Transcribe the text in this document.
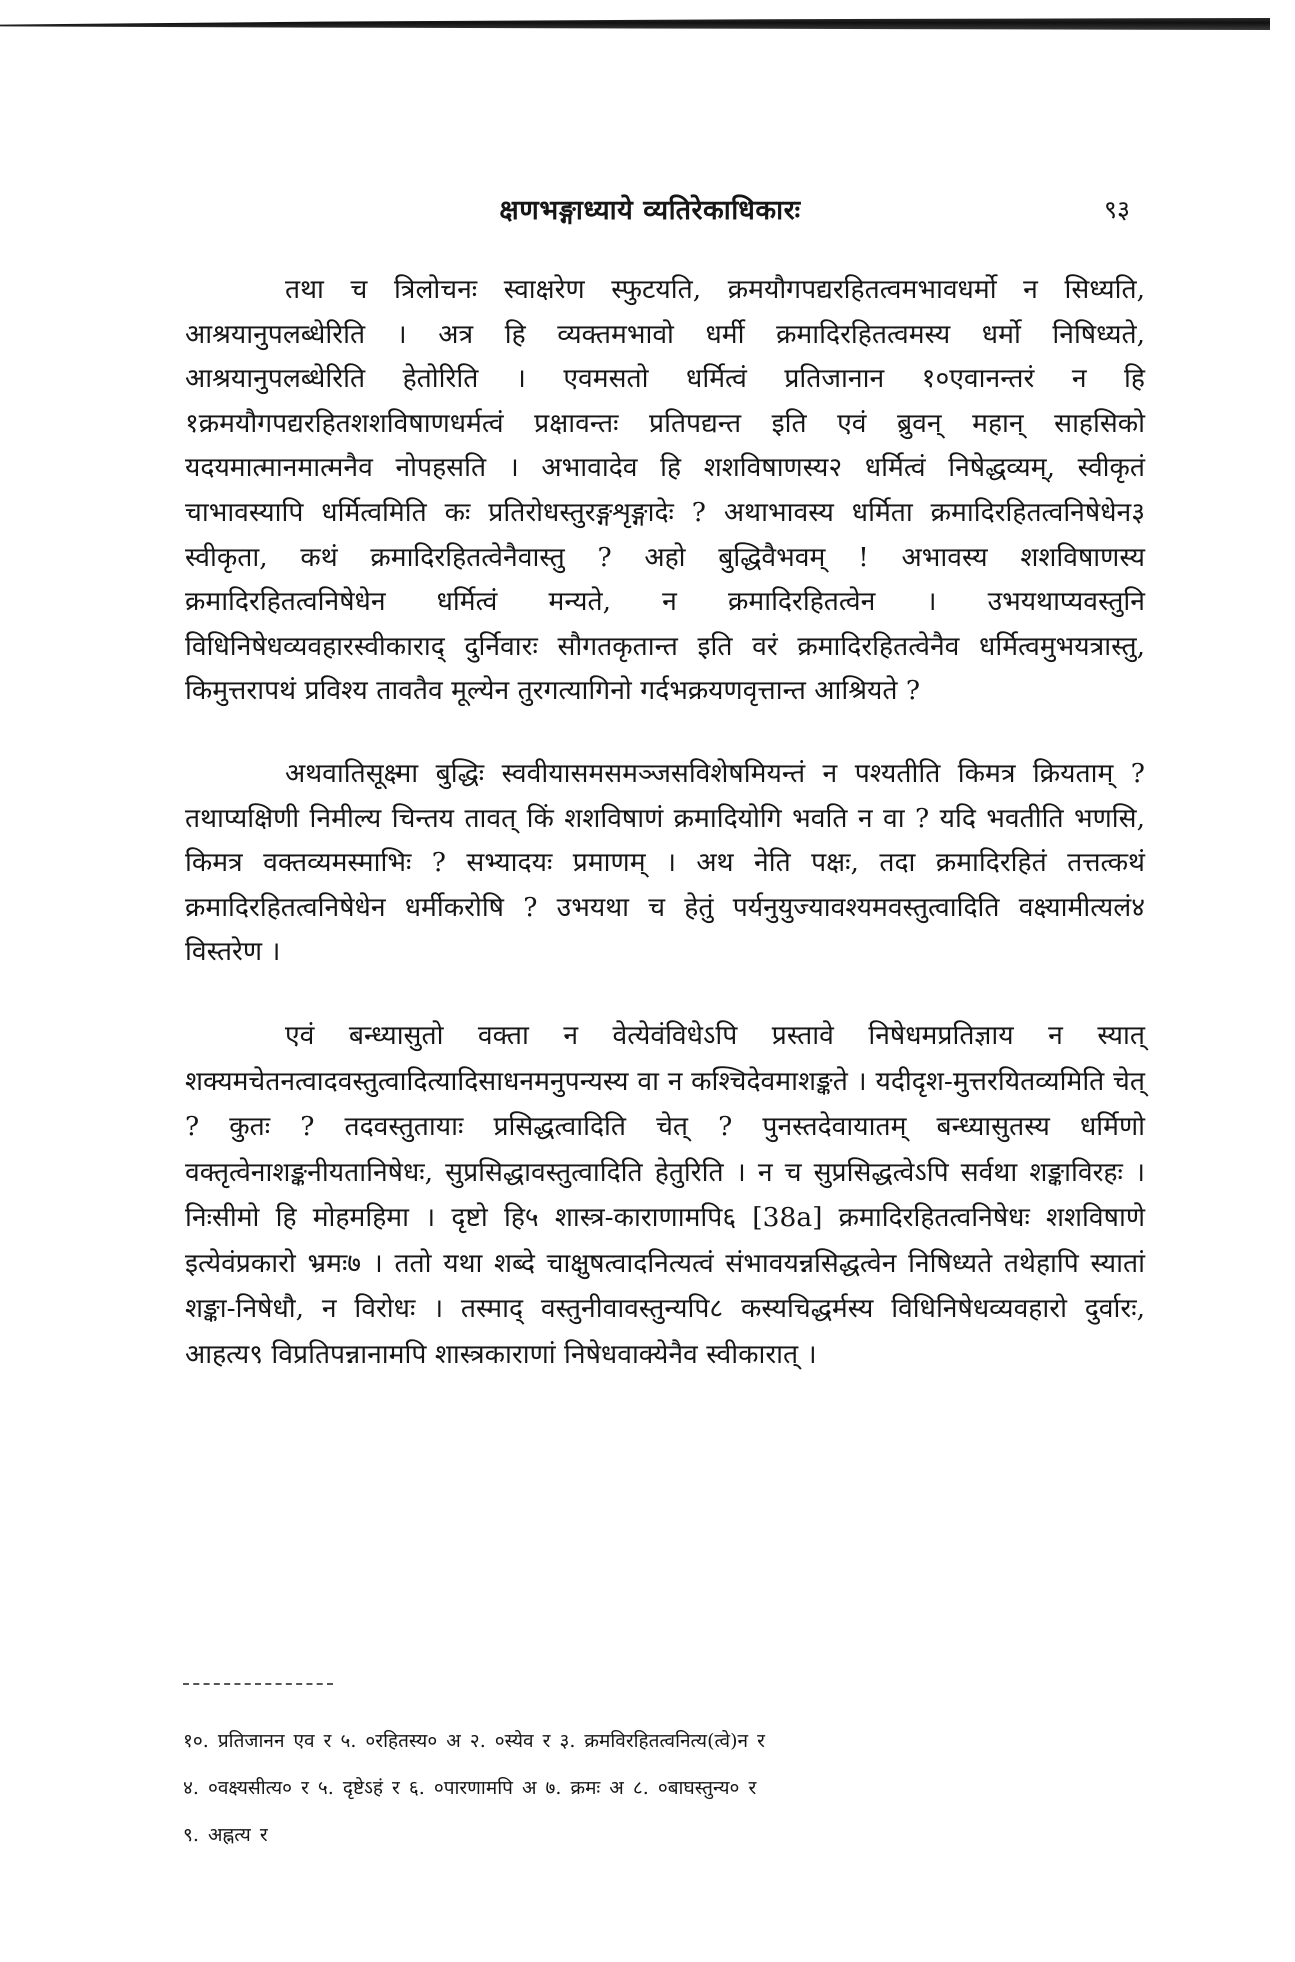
क्षणभङ्गाध्याये व्यतिरेकाधिकारः	९३

तथा च त्रिलोचनः स्वाक्षरेण स्फुटयति, क्रमयौगपद्यरहितत्वमभावधर्मो न सिध्यति, आश्रयानुपलब्धेरिति । अत्र हि व्यक्तमभावो धर्मी क्रमादिरहितत्वमस्य धर्मो निषिध्यते, आश्रयानुपलब्धेरिति हेतोरिति । एवमसतो धर्मित्वं प्रतिजानान १०एवानन्तरं न हि १क्रमयौगपद्यरहितशशविषाणधर्मत्वं प्रक्षावन्तः प्रतिपद्यन्त इति एवं ब्रुवन् महान् साहसिको यदयमात्मानमात्मनैव नोपहसति । अभावादेव हि शशविषाणस्य२ धर्मित्वं निषेद्धव्यम्, स्वीकृतं चाभावस्यापि धर्मित्वमिति कः प्रतिरोधस्तुरङ्गशृङ्गादेः ? अथाभावस्य धर्मिता क्रमादिरहितत्वनिषेधेन३ स्वीकृता, कथं क्रमादिरहितत्वेनैवास्तु ? अहो बुद्धिवैभवम् ! अभावस्य शशविषाणस्य क्रमादिरहितत्वनिषेधेन धर्मित्वं मन्यते, न क्रमादिरहितत्वेन । उभयथाप्यवस्तुनि विधिनिषेधव्यवहारस्वीकाराद् दुर्निवारः सौगतकृतान्त इति वरं क्रमादिरहितत्वेनैव धर्मित्वमुभयत्रास्तु, किमुत्तरापथं प्रविश्य तावतैव मूल्येन तुरगत्यागिनो गर्दभक्रयणवृत्तान्त आश्रियते ?

अथवातिसूक्ष्मा बुद्धिः स्ववीयासमसमञ्जसविशेषमियन्तं न पश्यतीति किमत्र क्रियताम् ? तथाप्यक्षिणी निमील्य चिन्तय तावत् किं शशविषाणं क्रमादियोगि भवति न वा ? यदि भवतीति भणसि, किमत्र वक्तव्यमस्माभिः ? सभ्यादयः प्रमाणम् । अथ नेति पक्षः, तदा क्रमादिरहितं तत्तत्कथं क्रमादिरहितत्वनिषेधेन धर्मीकरोषि ? उभयथा च हेतुं पर्यनुयुज्यावश्यमवस्तुत्वादिति वक्ष्यामीत्यलं४ विस्तरेण ।

एवं बन्ध्यासुतो वक्ता न वेत्येवंविधेऽपि प्रस्तावे निषेधमप्रतिज्ञाय न स्यात् शक्यमचेतनत्वादवस्तुत्वादित्यादिसाधनमनुपन्यस्य वा न कश्चिदेवमाशङ्कते । यदीदृश-मुत्तरयितव्यमिति चेत् ? कुतः ? तदवस्तुतायाः प्रसिद्धत्वादिति चेत् ? पुनस्तदेवायातम् बन्ध्यासुतस्य धर्मिणो वक्तृत्वेनाशङ्कनीयतानिषेधः, सुप्रसिद्धावस्तुत्वादिति हेतुरिति । न च सुप्रसिद्धत्वेऽपि सर्वथा शङ्काविरहः । निःसीमो हि मोहमहिमा । दृष्टो हि५ शास्त्र-काराणामपि६ [38a] क्रमादिरहितत्वनिषेधः शशविषाणे इत्येवंप्रकारो भ्रमः७ । ततो यथा शब्दे चाक्षुषत्वादनित्यत्वं संभावयन्नसिद्धत्वेन निषिध्यते तथेहापि स्यातां शङ्का-निषेधौ, न विरोधः । तस्माद् वस्तुनीवावस्तुन्यपि८ कस्यचिद्धर्मस्य विधिनिषेधव्यवहारो दुर्वारः, आहत्य९ विप्रतिपन्नानामपि शास्त्रकाराणां निषेधवाक्येनैव स्वीकारात् ।

१०. प्रतिजानन एव र ५. ०रहितस्य० अ २. ०स्येव र ३. क्रमविरहितत्वनित्य(त्वे)न र
४. ०वक्ष्यसीत्य० र ५. दृष्टेऽहं र ६. ०पारणामपि अ ७. क्रमः अ ८. ०बाघस्तुन्य० र
९. अह्नत्य र
